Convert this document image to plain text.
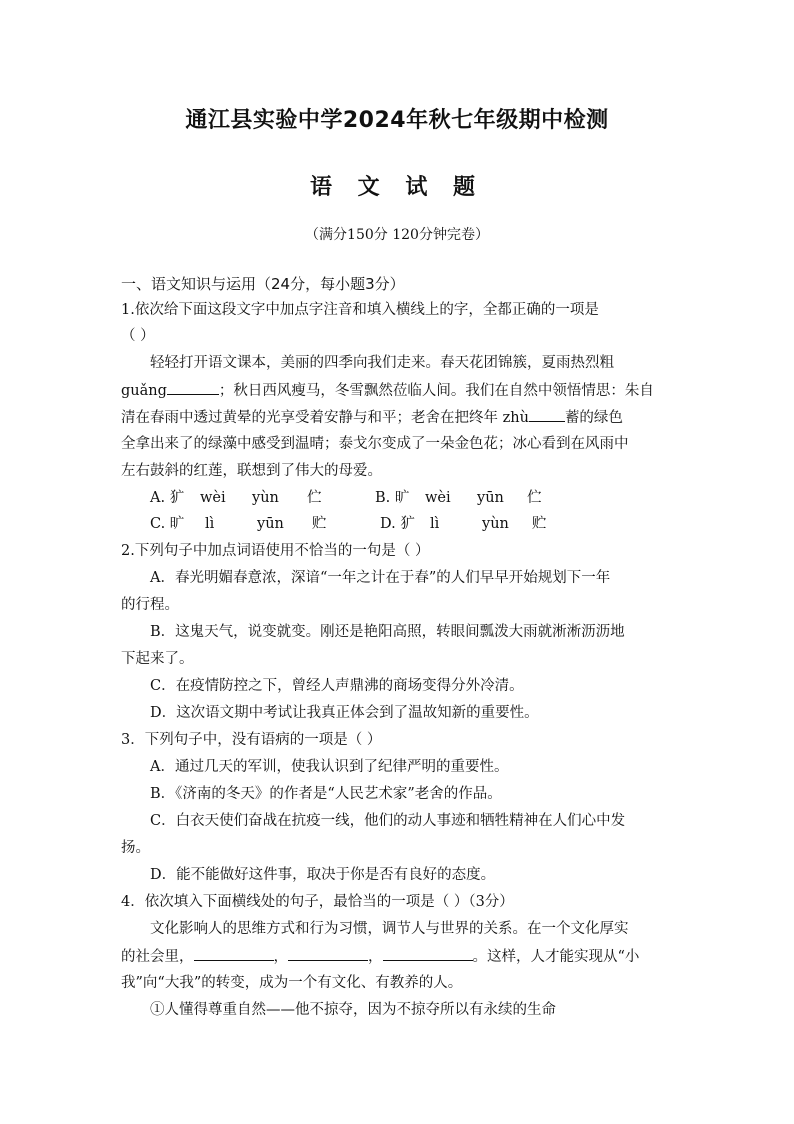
通江县实验中学2024年秋七年级期中检测
语 文 试 题
（满分150分 120分钟完卷）
一、语文知识与运用（24分，每小题3分）
1.依次给下面这段文字中加点字注音和填入横线上的字，全都正确的一项是
（ ）
轻轻打开语文课本，美丽的四季向我们走来。春天花团锦簇，夏雨热烈粗
guǎng	；秋日西风瘦马，冬雪飘然莅临人间。我们在自然中领悟情思：朱自
清在春雨中透过黄晕的光享受着安静与和平；老舍在把终年 zhù 蓄的绿色
全拿出来了的绿藻中感受到温晴；泰戈尔变成了一朵金色花；冰心看到在风雨中
左右鼓斜的红莲，联想到了伟大的母爱。
A. 犷 wèi yùn 伫	B. 旷 wèi yūn 伫
C. 旷 lì	yūn 贮	D. 犷 lì	yùn 贮
2.下列句子中加点词语使用不恰当的一句是（ ）
A．春光明媚春意浓，深谙“一年之计在于春”的人们早早开始规划下一年
的行程。
B．这鬼天气，说变就变。刚还是艳阳高照，转眼间瓢泼大雨就淅淅沥沥地
下起来了。
C．在疫情防控之下，曾经人声鼎沸的商场变得分外冷清。
D．这次语文期中考试让我真正体会到了温故知新的重要性。
3．下列句子中，没有语病的一项是（ ）
A．通过几天的军训，使我认识到了纪律严明的重要性。
B．《济南的冬天》的作者是“人民艺术家”老舍的作品。
C．白衣天使们奋战在抗疫一线，他们的动人事迹和牺牲精神在人们心中发
扬。
D．能不能做好这件事，取决于你是否有良好的态度。
4．依次填入下面横线处的句子，最恰当的一项是（ ）（3分）
文化影响人的思维方式和行为习惯，调节人与世界的关系。在一个文化厚实
的社会里，	，	，	。这样，人才能实现从“小
我”向“大我”的转变，成为一个有文化、有教养的人。
①人懂得尊重自然——他不掠夺，因为不掠夺所以有永续的生命
